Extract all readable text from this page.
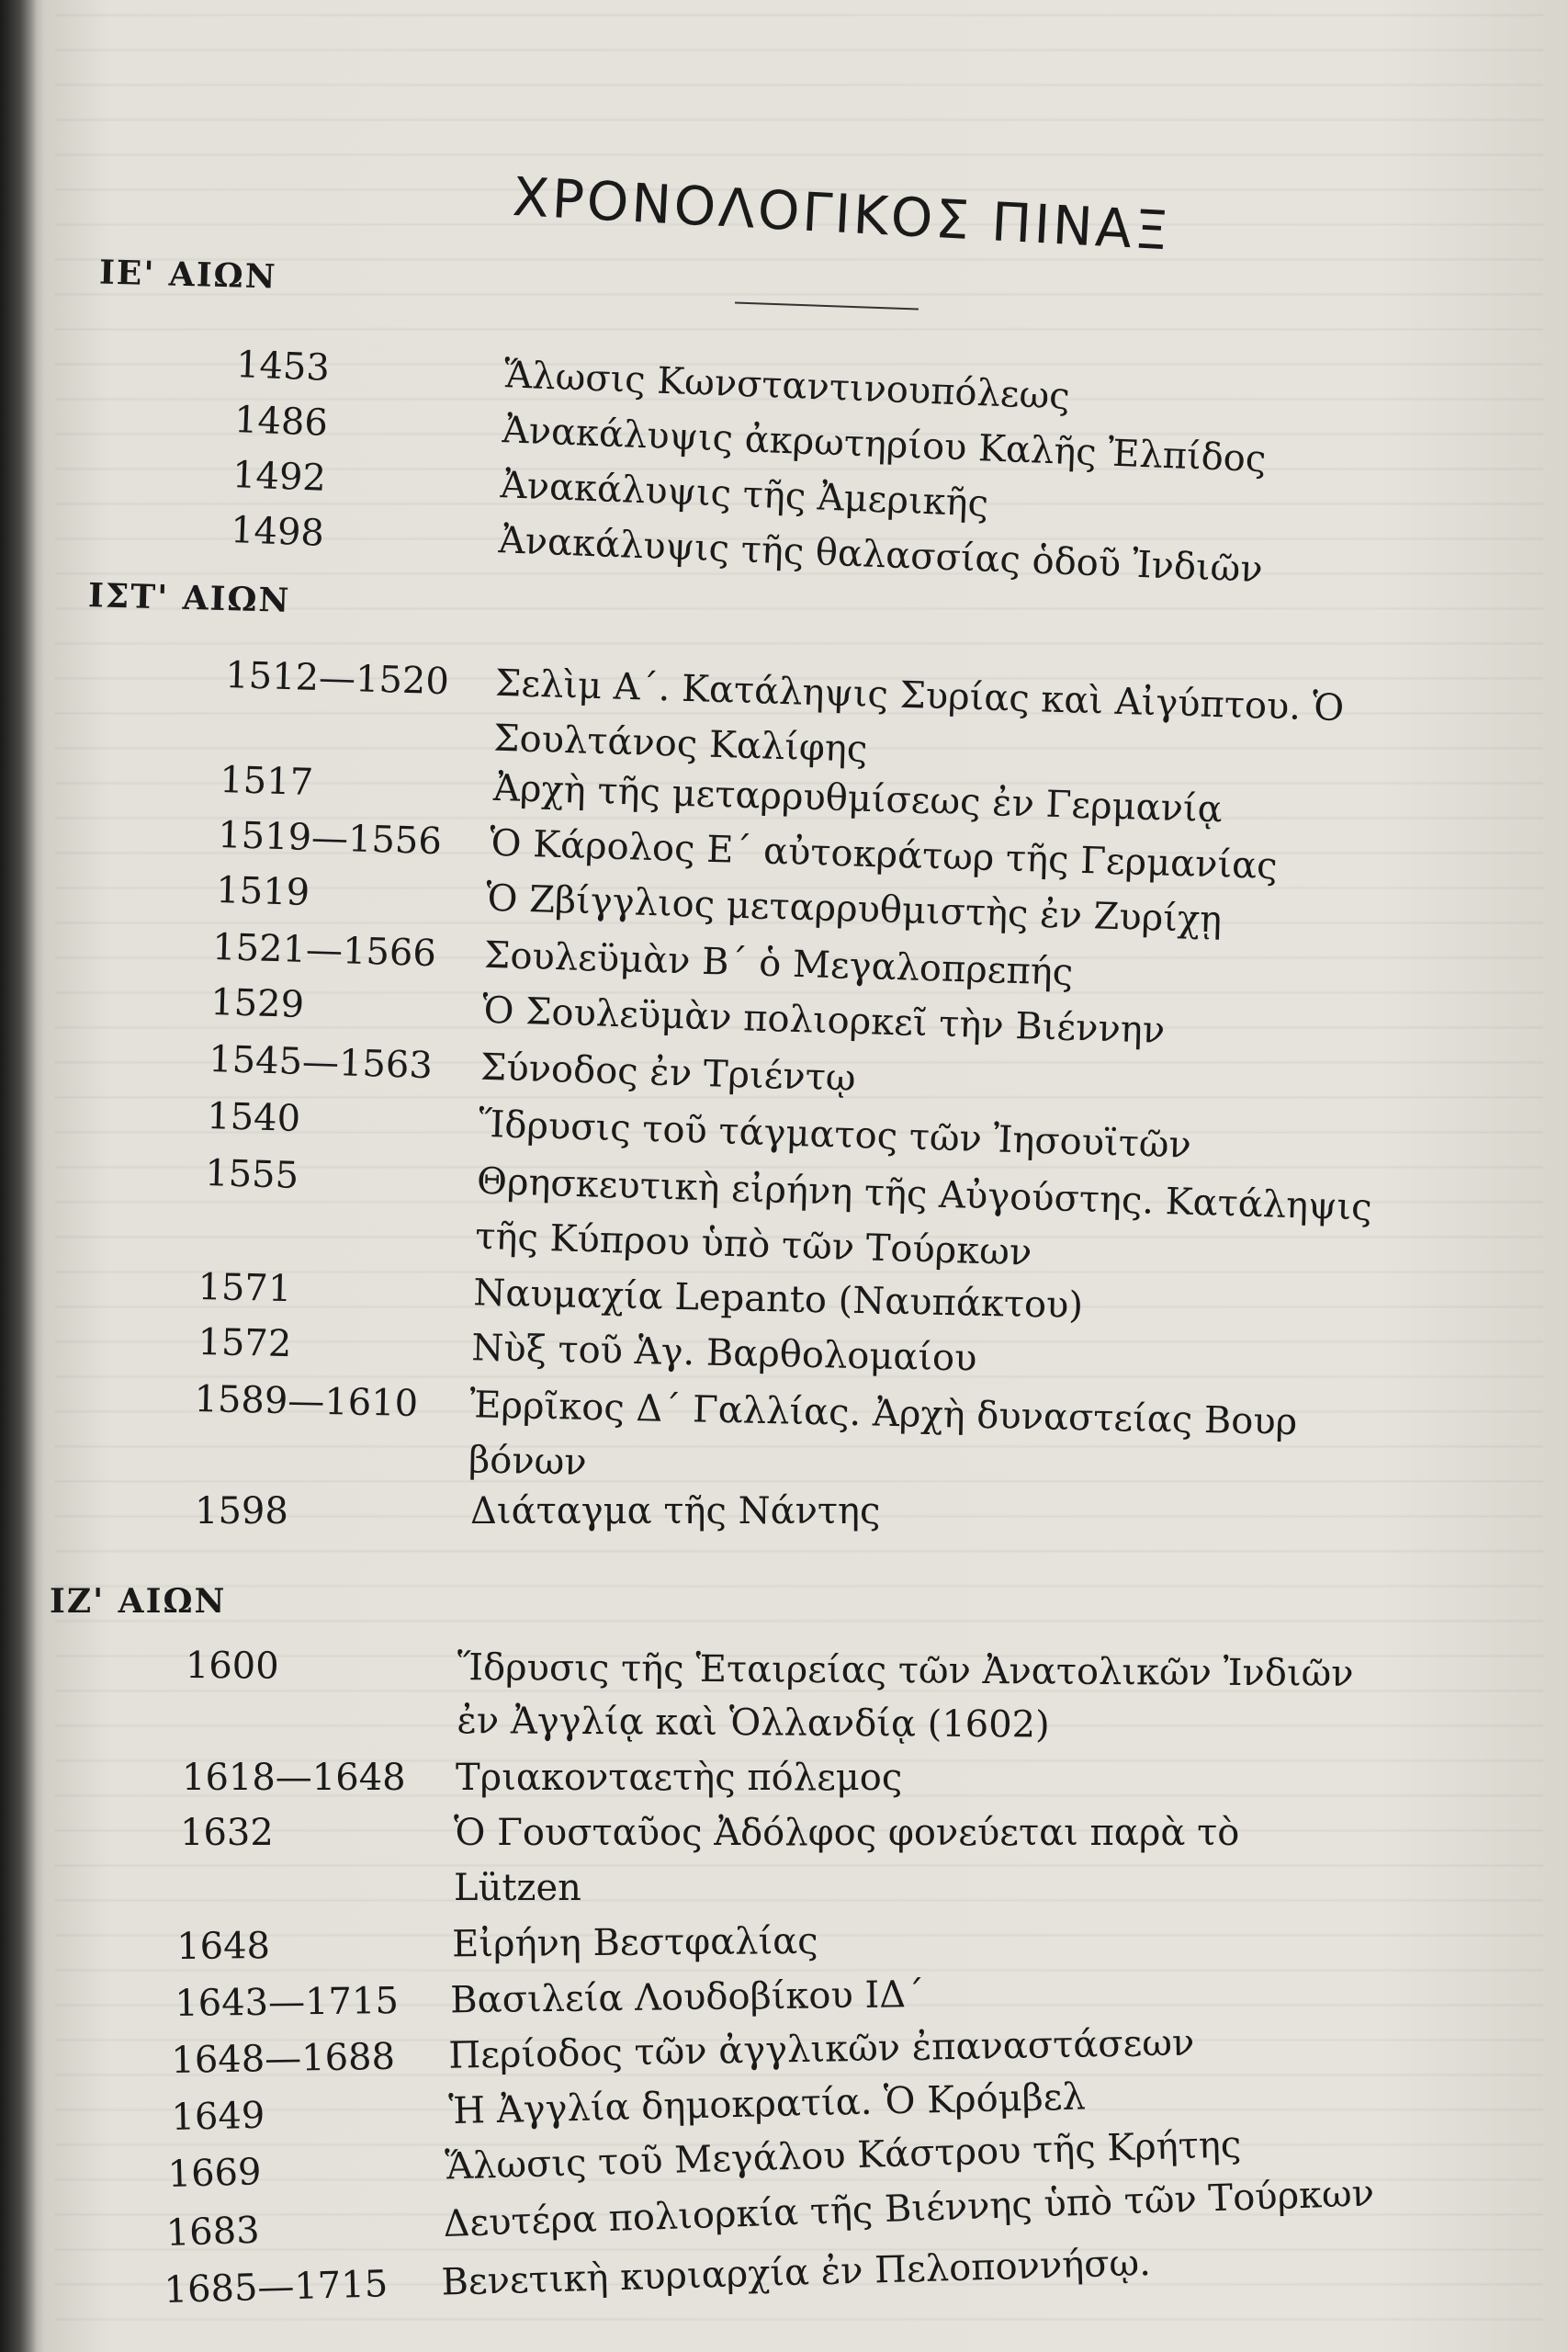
ΧΡΟΝΟΛΟΓΙΚΟΣ ΠΙΝΑΞ
ΙΕ' ΑΙΩΝ
1453	Ἅλωσις Κωνσταντινουπόλεως
1486	Ἀνακάλυψις ἀκρωτηρίου Καλῆς Ἐλπίδος
1492	Ἀνακάλυψις τῆς Ἀμερικῆς
1498	Ἀνακάλυψις τῆς θαλασσίας ὁδοῦ Ἰνδιῶν
ΙΣΤ' ΑΙΩΝ
1512—1520 Σελὶμ Α΄. Κατάληψις Συρίας καὶ Αἰγύπτου. Ὁ
Σουλτάνος Καλίφης
1517	Ἀρχὴ τῆς μεταρρυθμίσεως ἐν Γερμανίᾳ
1519—1556 Ὁ Κάρολος Ε΄ αὐτοκράτωρ τῆς Γερμανίας
1519	Ὁ Ζβίγγλιος μεταρρυθμιστὴς ἐν Ζυρίχῃ
1521—1566 Σουλεϋμὰν Β΄ ὁ Μεγαλοπρεπής
1529	Ὁ Σουλεϋμὰν πολιορκεῖ τὴν Βιέννην
1545—1563 Σύνοδος ἐν Τριέντῳ
1540	Ἵδρυσις τοῦ τάγματος τῶν Ἰησουϊτῶν
1555	Θρησκευτικὴ εἰρήνη τῆς Αὐγούστης. Κατάληψις
τῆς Κύπρου ὑπὸ τῶν Τούρκων
1571	Ναυμαχία Lepanto (Ναυπάκτου)
1572	Νὺξ τοῦ Ἁγ. Βαρθολομαίου
1589—1610 Ἐρρῖκος Δ΄ Γαλλίας. Ἀρχὴ δυναστείας Βουρ
βόνων
1598	Διάταγμα τῆς Νάντης
ΙΖ' ΑΙΩΝ
1600	Ἵδρυσις τῆς Ἑταιρείας τῶν Ἀνατολικῶν Ἰνδιῶν
ἐν Ἀγγλίᾳ καὶ Ὁλλανδίᾳ (1602)
1618—1648 Τριακονταετὴς πόλεμος
1632	Ὁ Γουσταῦος Ἀδόλφος φονεύεται παρὰ τὸ
Lützen
1648	Εἰρήνη Βεστφαλίας
1643—1715 Βασιλεία Λουδοβίκου ΙΔ΄
1648—1688 Περίοδος τῶν ἀγγλικῶν ἐπαναστάσεων
1649	Ἡ Ἀγγλία δημοκρατία. Ὁ Κρόμβελ
1669	Ἅλωσις τοῦ Μεγάλου Κάστρου τῆς Κρήτης
1683	Δευτέρα πολιορκία τῆς Βιέννης ὑπὸ τῶν Τούρκων
1685—1715 Βενετικὴ κυριαρχία ἐν Πελοποννήσῳ.
